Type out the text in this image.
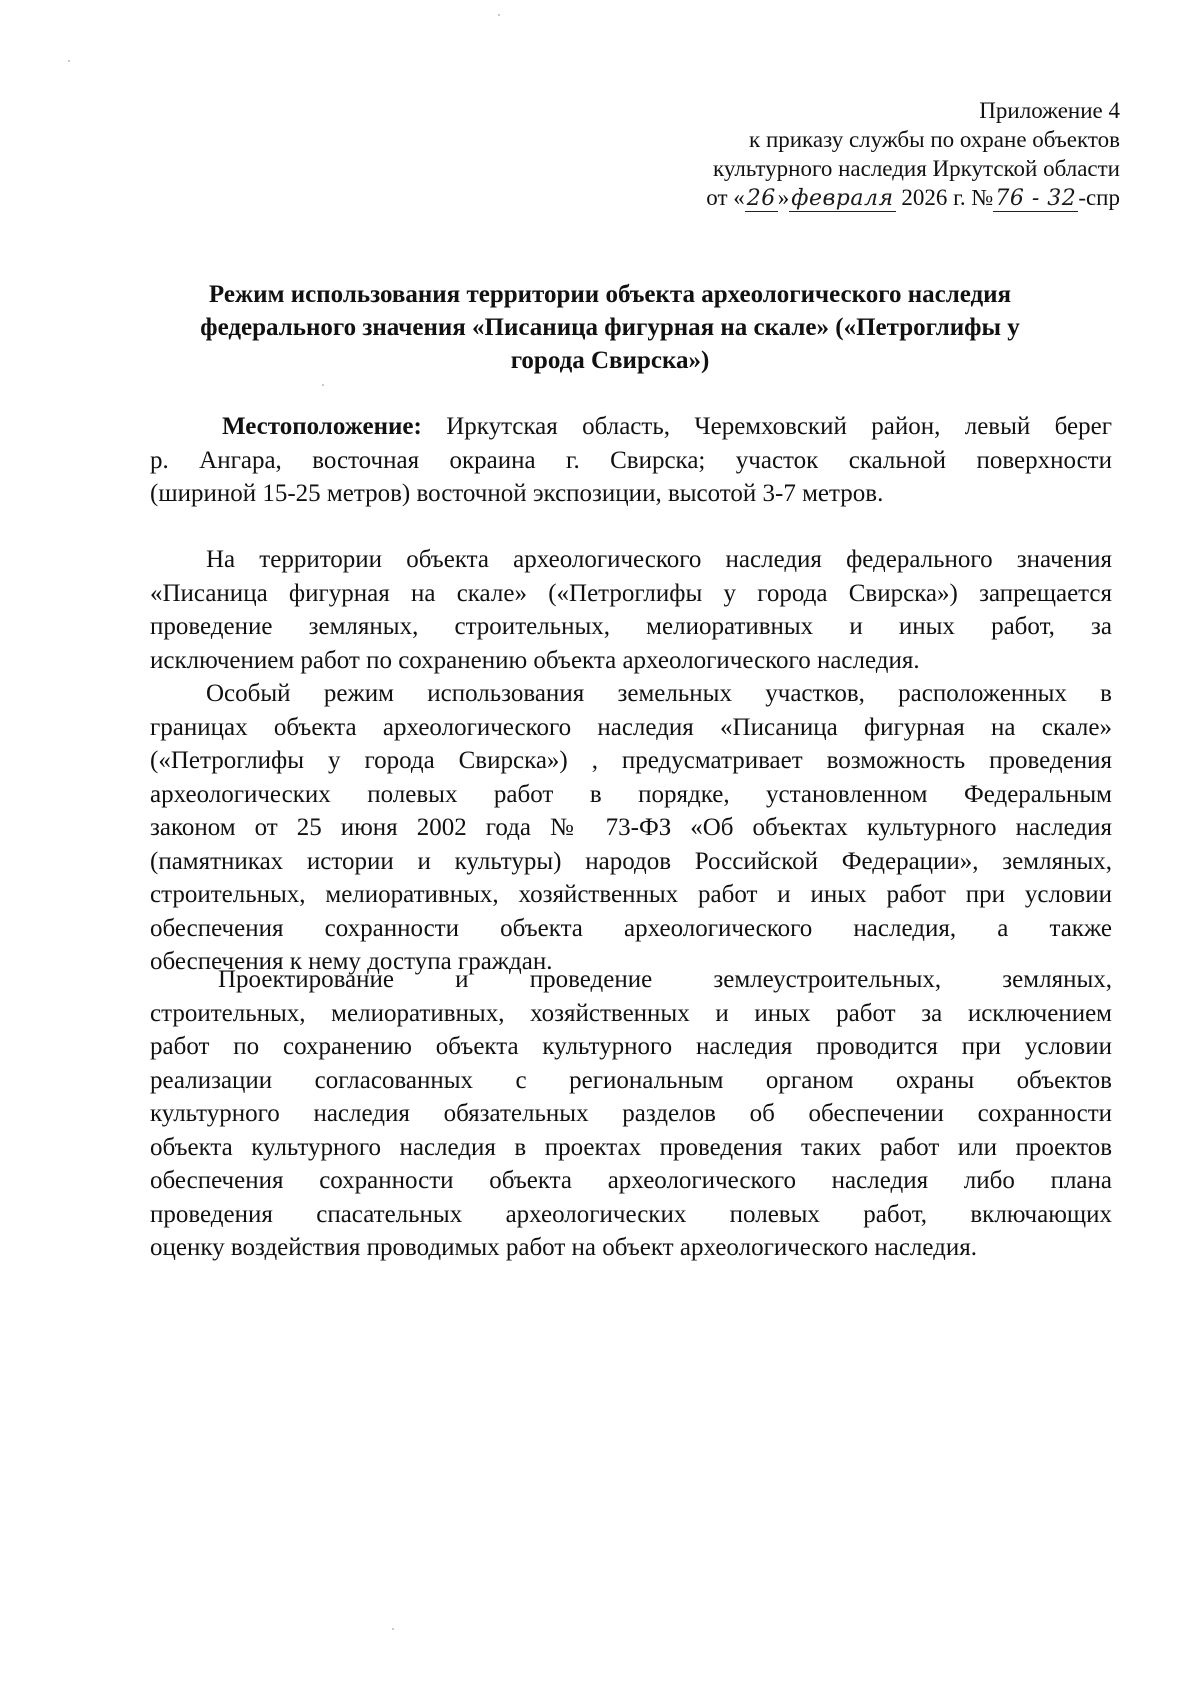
Приложение 4
к приказу службы по охране объектов
культурного наследия Иркутской области
от «26»февраля 2026 г. №76 - 32-спр
Режим использования территории объекта археологического наследия
федерального значения «Писаница фигурная на скале» («Петроглифы у
города Свирска»)
Местоположение: Иркутская область, Черемховский район, левый берег
р. Ангара, восточная окраина г. Свирска; участок скальной поверхности
(шириной 15-25 метров) восточной экспозиции, высотой 3-7 метров.
На территории объекта археологического наследия федерального значения
«Писаница фигурная на скале» («Петроглифы у города Свирска») запрещается
проведение земляных, строительных, мелиоративных и иных работ, за
исключением работ по сохранению объекта археологического наследия.
Особый режим использования земельных участков, расположенных в
границах объекта археологического наследия «Писаница фигурная на скале»
(«Петроглифы у города Свирска») , предусматривает возможность проведения
археологических полевых работ в порядке, установленном Федеральным
законом от 25 июня 2002 года № 73-ФЗ «Об объектах культурного наследия
(памятниках истории и культуры) народов Российской Федерации», земляных,
строительных, мелиоративных, хозяйственных работ и иных работ при условии
обеспечения сохранности объекта археологического наследия, а также
обеспечения к нему доступа граждан.
Проектирование и проведение землеустроительных, земляных,
строительных, мелиоративных, хозяйственных и иных работ за исключением
работ по сохранению объекта культурного наследия проводится при условии
реализации согласованных с региональным органом охраны объектов
культурного наследия обязательных разделов об обеспечении сохранности
объекта культурного наследия в проектах проведения таких работ или проектов
обеспечения сохранности объекта археологического наследия либо плана
проведения спасательных археологических полевых работ, включающих
оценку воздействия проводимых работ на объект археологического наследия.
